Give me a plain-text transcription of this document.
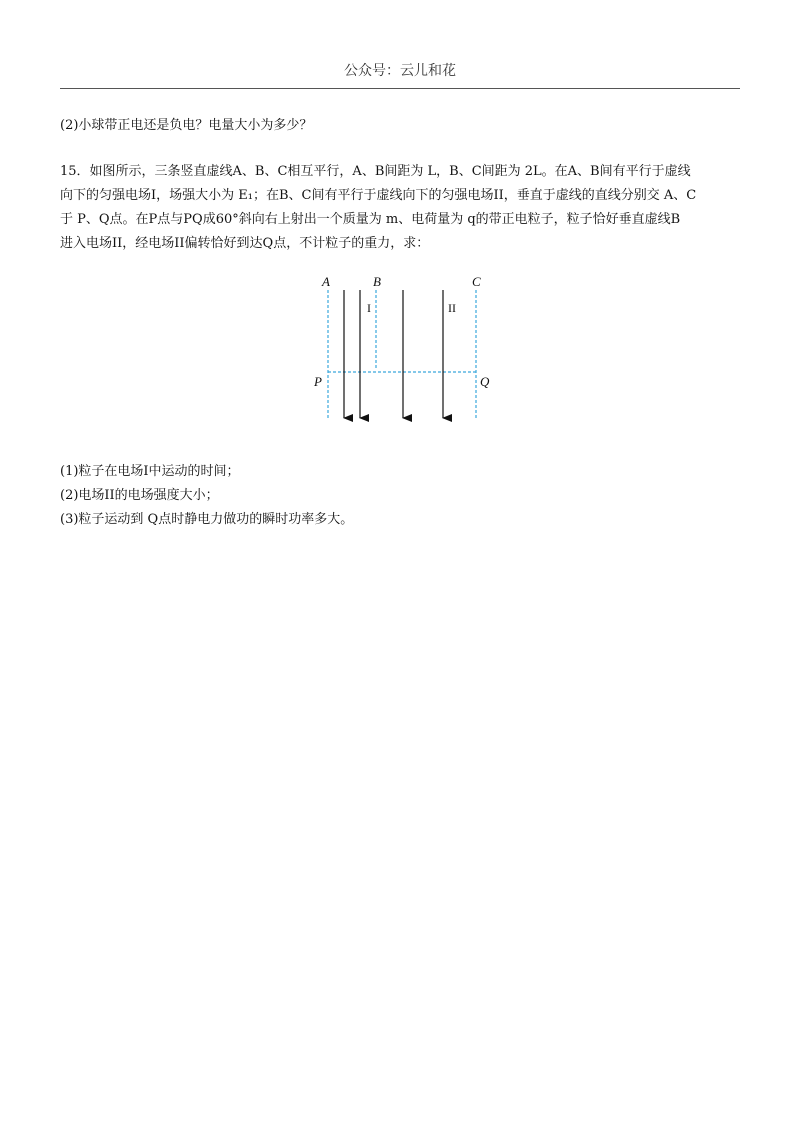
公众号：云儿和花
(2)小球带正电还是负电？电量大小为多少？
15．如图所示，三条竖直虚线A、B、C相互平行，A、B间距为 L，B、C间距为 2L。在A、B间有平行于虚线
向下的匀强电场I，场强大小为 E₁；在B、C间有平行于虚线向下的匀强电场II，垂直于虚线的直线分别交 A、C
于 P、Q点。在P点与PQ成60°斜向右上射出一个质量为 m、电荷量为 q的带正电粒子，粒子恰好垂直虚线B
进入电场II，经电场II偏转恰好到达Q点，不计粒子的重力，求：
A	B	C
P	Q
I	II
(1)粒子在电场I中运动的时间；
(2)电场II的电场强度大小；
(3)粒子运动到 Q点时静电力做功的瞬时功率多大。
